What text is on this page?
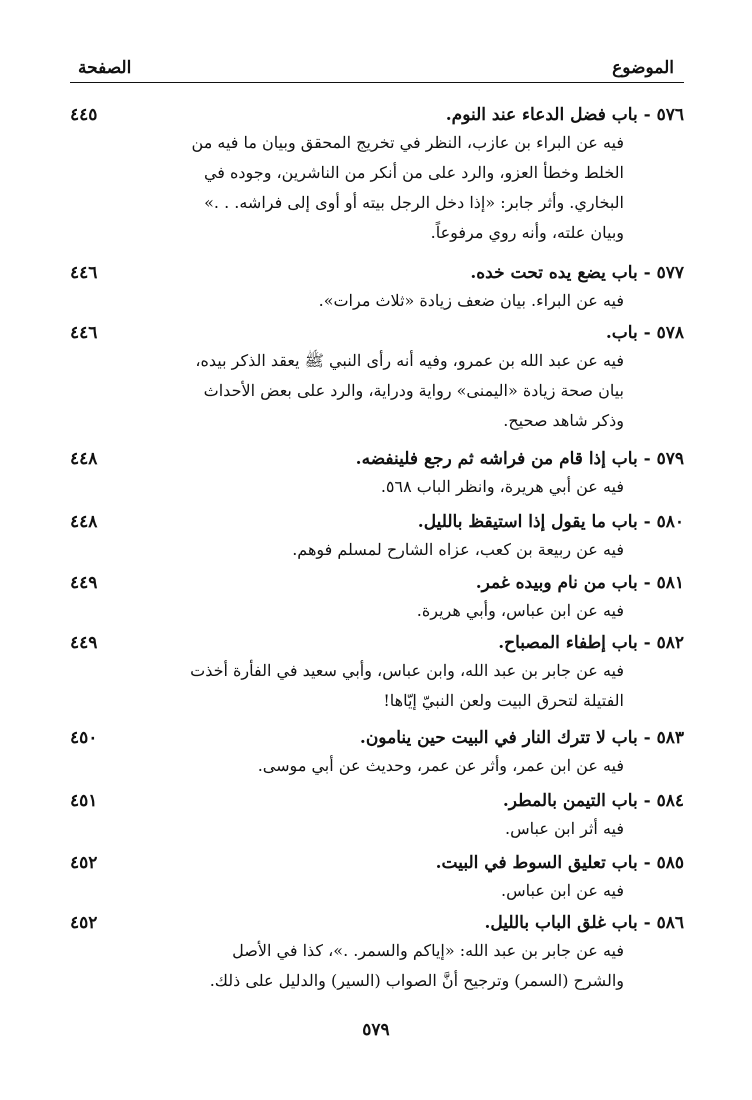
الموضوع
الصفحة
٥٧٦ - باب فضل الدعاء عند النوم.
٤٤٥
فيه عن البراء بن عازب، النظر في تخريج المحقق وبيان ما فيه من
الخلط وخطأ العزو، والرد على من أنكر من الناشرين، وجوده في
البخاري. وأثر جابر: «إذا دخل الرجل بيته أو أوى إلى فراشه. . .»
وبيان علته، وأنه روي مرفوعاً.
٥٧٧ - باب يضع يده تحت خده.
٤٤٦
فيه عن البراء. بيان ضعف زيادة «ثلاث مرات».
٥٧٨ - باب.
٤٤٦
فيه عن عبد الله بن عمرو، وفيه أنه رأى النبي ﷺ يعقد الذكر بيده،
بيان صحة زيادة «اليمنى» رواية ودراية، والرد على بعض الأحداث
وذكر شاهد صحيح.
٥٧٩ - باب إذا قام من فراشه ثم رجع فلينفضه.
٤٤٨
فيه عن أبي هريرة، وانظر الباب ٥٦٨.
٥٨٠ - باب ما يقول إذا استيقظ بالليل.
٤٤٨
فيه عن ربيعة بن كعب، عزاه الشارح لمسلم فوهم.
٥٨١ - باب من نام وبيده غمر.
٤٤٩
فيه عن ابن عباس، وأبي هريرة.
٥٨٢ - باب إطفاء المصباح.
٤٤٩
فيه عن جابر بن عبد الله، وابن عباس، وأبي سعيد في الفأرة أخذت
الفتيلة لتحرق البيت ولعن النبيّ إيّاها!
٥٨٣ - باب لا تترك النار في البيت حين ينامون.
٤٥٠
فيه عن ابن عمر، وأثر عن عمر، وحديث عن أبي موسى.
٥٨٤ - باب التيمن بالمطر.
٤٥١
فيه أثر ابن عباس.
٥٨٥ - باب تعليق السوط في البيت.
٤٥٢
فيه عن ابن عباس.
٥٨٦ - باب غلق الباب بالليل.
٤٥٢
فيه عن جابر بن عبد الله: «إياكم والسمر. .»، كذا في الأصل
والشرح (السمر) وترجيح أنَّ الصواب (السير) والدليل على ذلك.
٥٧٩
